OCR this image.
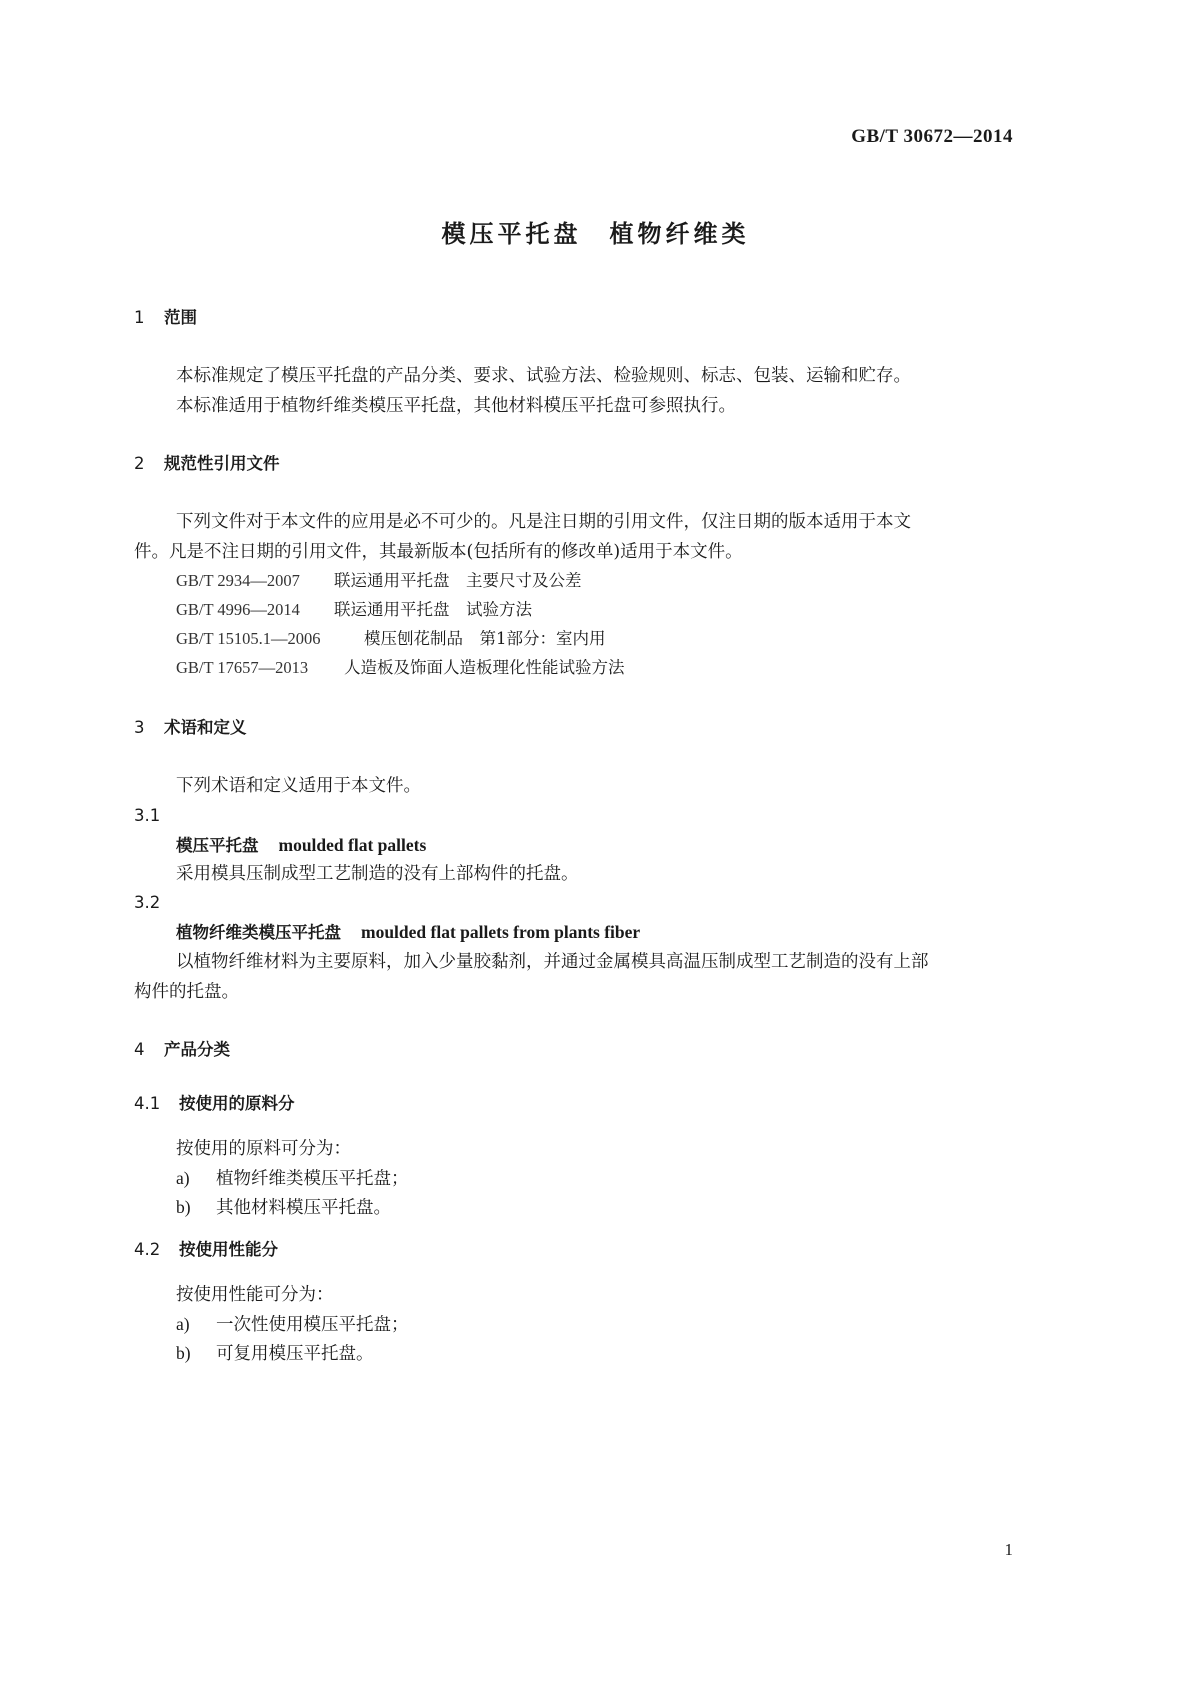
GB/T 30672—2014
模压平托盘　植物纤维类
1 范围
本标准规定了模压平托盘的产品分类、要求、试验方法、检验规则、标志、包装、运输和贮存。
本标准适用于植物纤维类模压平托盘，其他材料模压平托盘可参照执行。
2 规范性引用文件
下列文件对于本文件的应用是必不可少的。凡是注日期的引用文件，仅注日期的版本适用于本文
件。凡是不注日期的引用文件，其最新版本(包括所有的修改单)适用于本文件。
GB/T 2934—2007 联运通用平托盘　主要尺寸及公差
GB/T 4996—2014 联运通用平托盘　试验方法
GB/T 15105.1—2006	模压刨花制品　第1部分：室内用
GB/T 17657—2013 人造板及饰面人造板理化性能试验方法
3 术语和定义
下列术语和定义适用于本文件。
3.1
模压平托盘 moulded flat pallets
采用模具压制成型工艺制造的没有上部构件的托盘。
3.2
植物纤维类模压平托盘 moulded flat pallets from plants fiber
以植物纤维材料为主要原料，加入少量胶黏剂，并通过金属模具高温压制成型工艺制造的没有上部
构件的托盘。
4 产品分类
4.1 按使用的原料分
按使用的原料可分为：
a) 植物纤维类模压平托盘；
b) 其他材料模压平托盘。
4.2 按使用性能分
按使用性能可分为：
a) 一次性使用模压平托盘；
b) 可复用模压平托盘。
1
